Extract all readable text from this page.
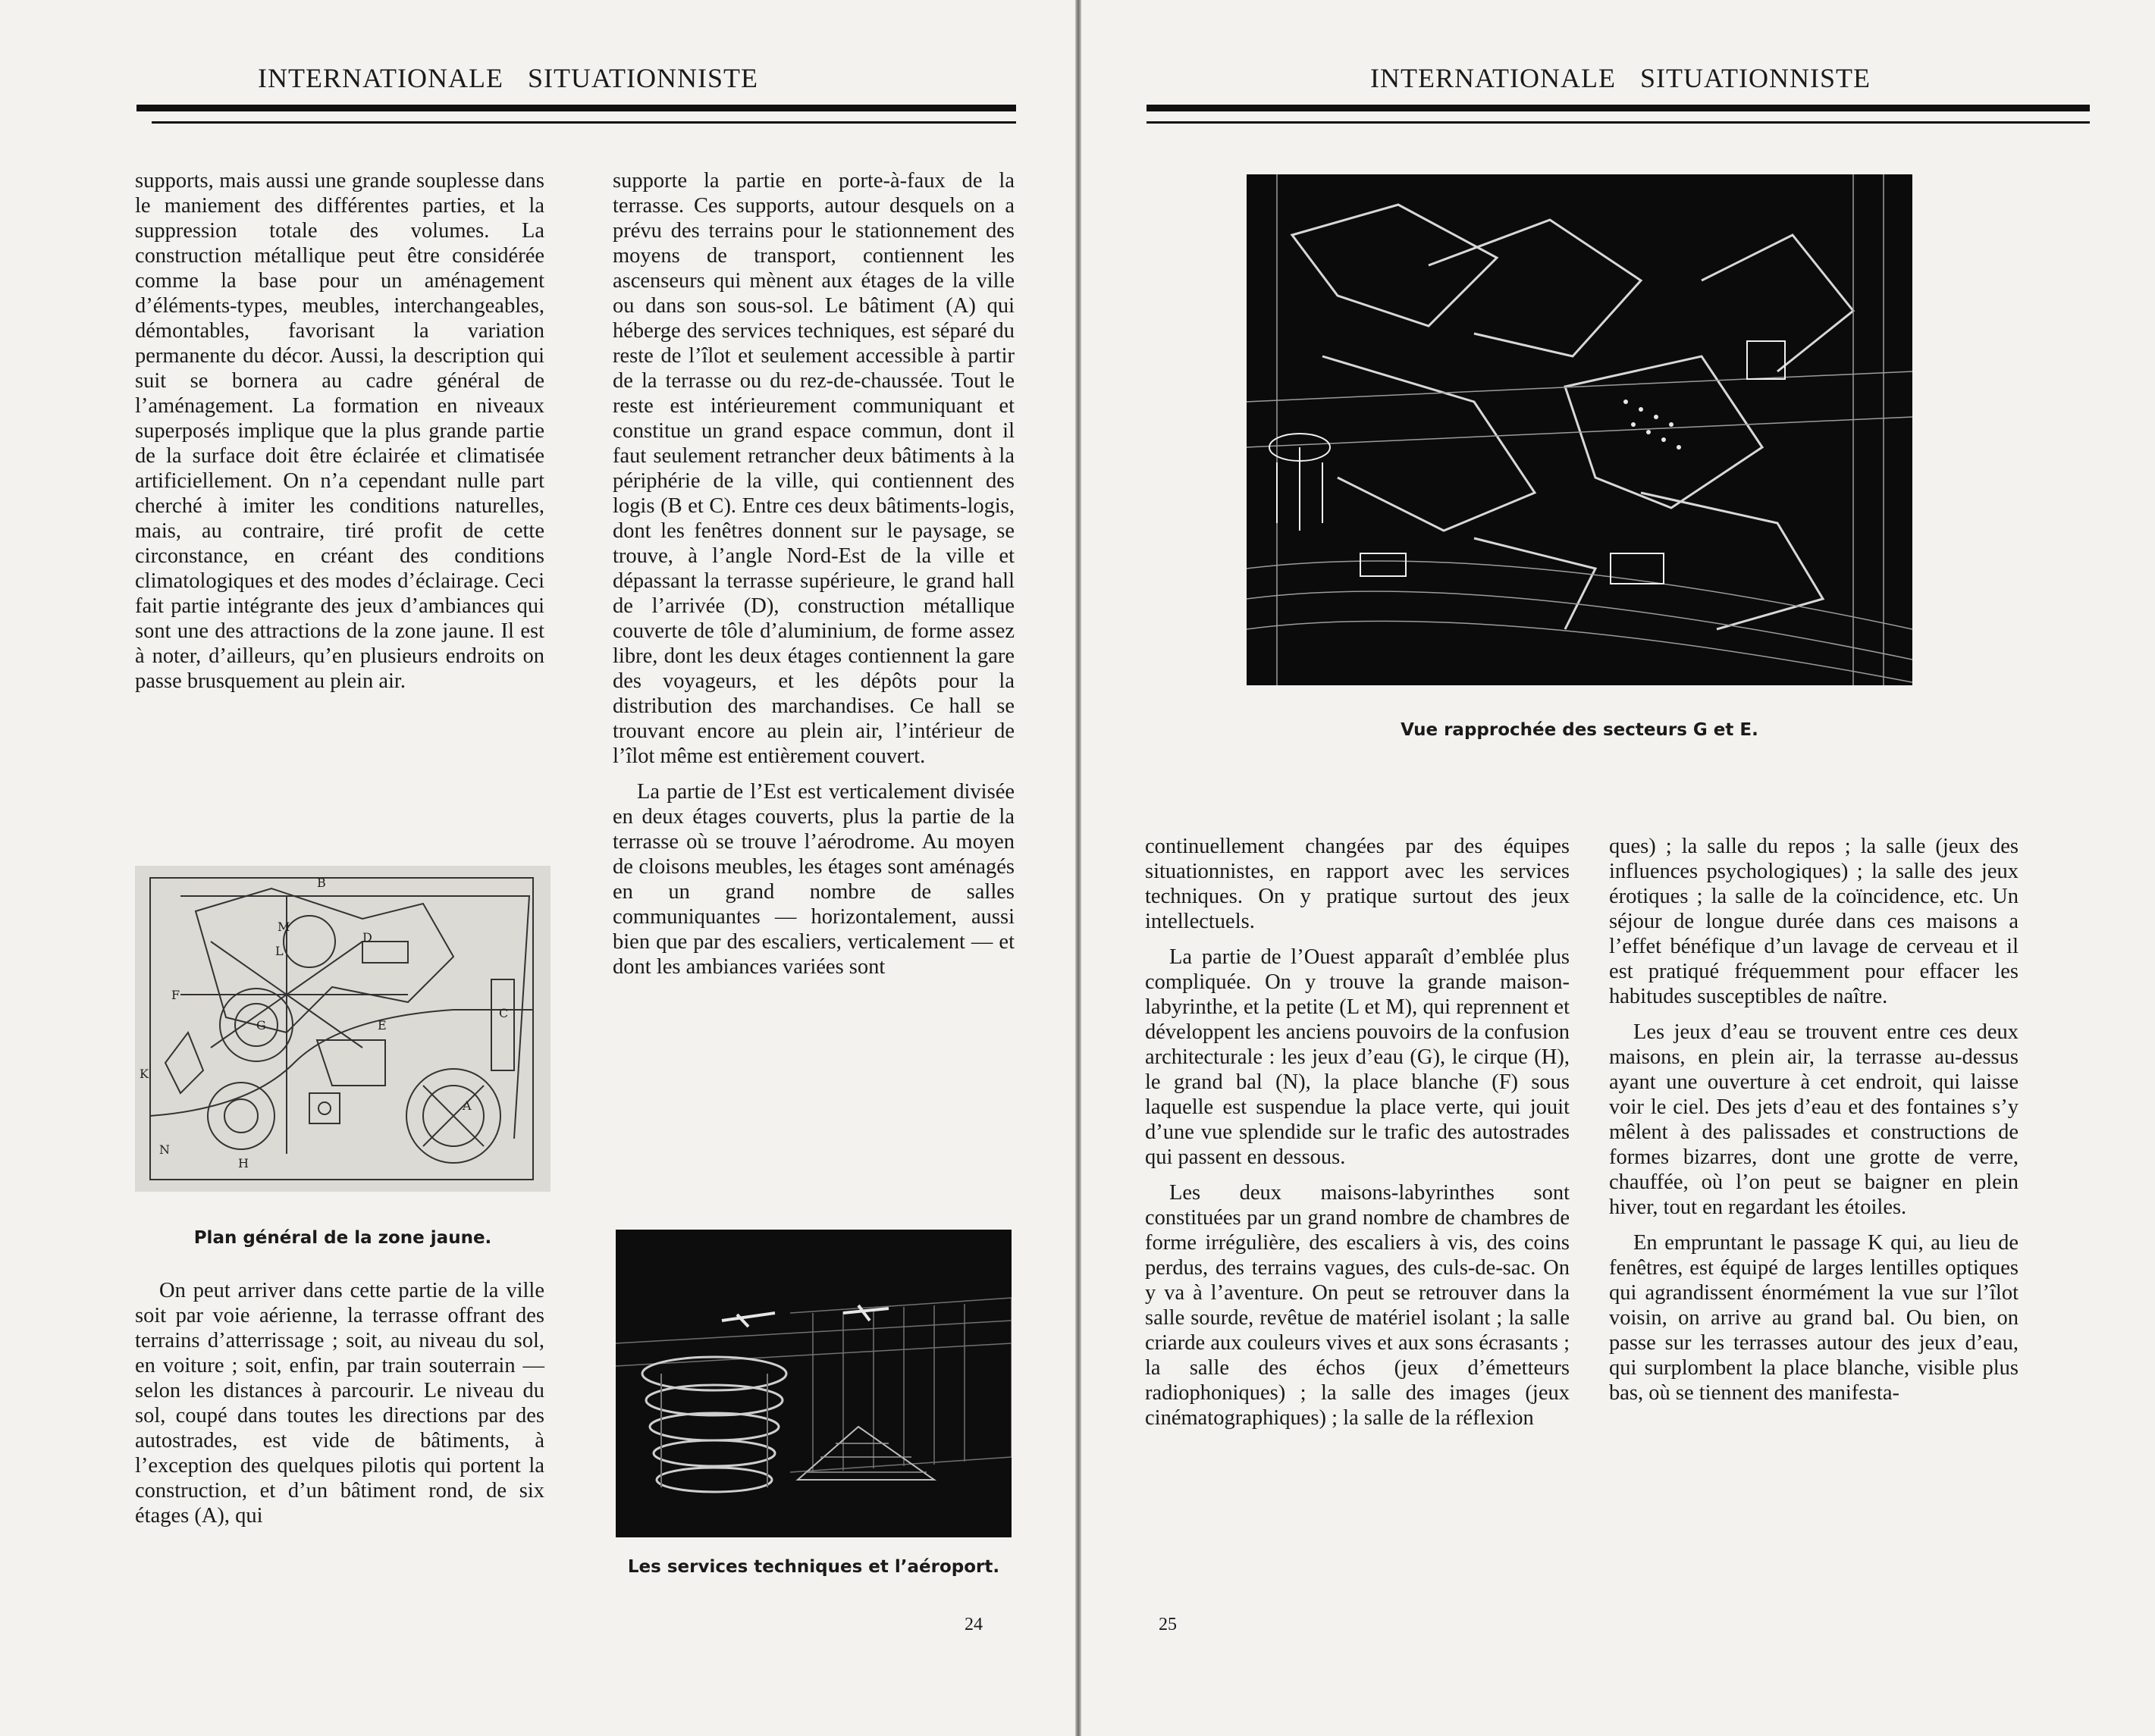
INTERNATIONALE SITUATIONNISTE

supports, mais aussi une grande souplesse dans le maniement des différentes parties, et la suppression totale des volumes. La construction métallique peut être considérée comme la base pour un aménagement d’éléments-types, meubles, interchangeables, démontables, favorisant la variation permanente du décor. Aussi, la description qui suit se bornera au cadre général de l’aménagement. La formation en niveaux superposés implique que la plus grande partie de la surface doit être éclairée et climatisée artificiellement. On n’a cependant nulle part cherché à imiter les conditions naturelles, mais, au contraire, tiré profit de cette circonstance, en créant des conditions climatologiques et des modes d’éclairage. Ceci fait partie intégrante des jeux d’ambiances qui sont une des attractions de la zone jaune. Il est à noter, d’ailleurs, qu’en plusieurs endroits on passe brusquement au plein air.

B
D
M
L
F
G	E
C
K
N
H
A
Plan général de la zone jaune.

On peut arriver dans cette partie de la ville soit par voie aérienne, la terrasse offrant des terrains d’atterrissage ; soit, au niveau du sol, en voiture ; soit, enfin, par train souterrain — selon les distances à parcourir. Le niveau du sol, coupé dans toutes les directions par des autostrades, est vide de bâtiments, à l’exception des quelques pilotis qui portent la construction, et d’un bâtiment rond, de six étages (A), qui

supporte la partie en porte-à-faux de la terrasse. Ces supports, autour desquels on a prévu des terrains pour le stationnement des moyens de transport, contiennent les ascenseurs qui mènent aux étages de la ville ou dans son sous-sol. Le bâtiment (A) qui héberge des services techniques, est séparé du reste de l’îlot et seulement accessible à partir de la terrasse ou du rez-de-chaussée. Tout le reste est intérieurement communiquant et constitue un grand espace commun, dont il faut seulement retrancher deux bâtiments à la périphérie de la ville, qui contiennent des logis (B et C). Entre ces deux bâtiments-logis, dont les fenêtres donnent sur le paysage, se trouve, à l’angle Nord-Est de la ville et dépassant la terrasse supérieure, le grand hall de l’arrivée (D), construction métallique couverte de tôle d’aluminium, de forme assez libre, dont les deux étages contiennent la gare des voyageurs, et les dépôts pour la distribution des marchandises. Ce hall se trouvant encore au plein air, l’intérieur de l’îlot même est entièrement couvert.

La partie de l’Est est verticalement divisée en deux étages couverts, plus la partie de la terrasse où se trouve l’aérodrome. Au moyen de cloisons meubles, les étages sont aménagés en un grand nombre de salles communiquantes — horizontalement, aussi bien que par des escaliers, verticalement — et dont les ambiances variées sont

Les services techniques et l’aéroport.
24
INTERNATIONALE SITUATIONNISTE
Vue rapprochée des secteurs G et E.

continuellement changées par des équipes situationnistes, en rapport avec les services techniques. On y pratique surtout des jeux intellectuels.

La partie de l’Ouest apparaît d’emblée plus compliquée. On y trouve la grande maison-labyrinthe, et la petite (L et M), qui reprennent et développent les anciens pouvoirs de la confusion architecturale : les jeux d’eau (G), le cirque (H), le grand bal (N), la place blanche (F) sous laquelle est suspendue la place verte, qui jouit d’une vue splendide sur le trafic des autostrades qui passent en dessous.

Les deux maisons-labyrinthes sont constituées par un grand nombre de chambres de forme irrégulière, des escaliers à vis, des coins perdus, des terrains vagues, des culs-de-sac. On y va à l’aventure. On peut se retrouver dans la salle sourde, revêtue de matériel isolant ; la salle criarde aux couleurs vives et aux sons écrasants ; la salle des échos (jeux d’émetteurs radiophoniques) ; la salle des images (jeux cinématographiques) ; la salle de la réflexion

ques) ; la salle du repos ; la salle (jeux des influences psychologiques) ; la salle des jeux érotiques ; la salle de la coïncidence, etc. Un séjour de longue durée dans ces maisons a l’effet bénéfique d’un lavage de cerveau et il est pratiqué fréquemment pour effacer les habitudes susceptibles de naître.

Les jeux d’eau se trouvent entre ces deux maisons, en plein air, la terrasse au-dessus ayant une ouverture à cet endroit, qui laisse voir le ciel. Des jets d’eau et des fontaines s’y mêlent à des palissades et constructions de formes bizarres, dont une grotte de verre, chauffée, où l’on peut se baigner en plein hiver, tout en regardant les étoiles.

En empruntant le passage K qui, au lieu de fenêtres, est équipé de larges lentilles optiques qui agrandissent énormément la vue sur l’îlot voisin, on arrive au grand bal. Ou bien, on passe sur les terrasses autour des jeux d’eau, qui surplombent la place blanche, visible plus bas, où se tiennent des manifesta-

25
